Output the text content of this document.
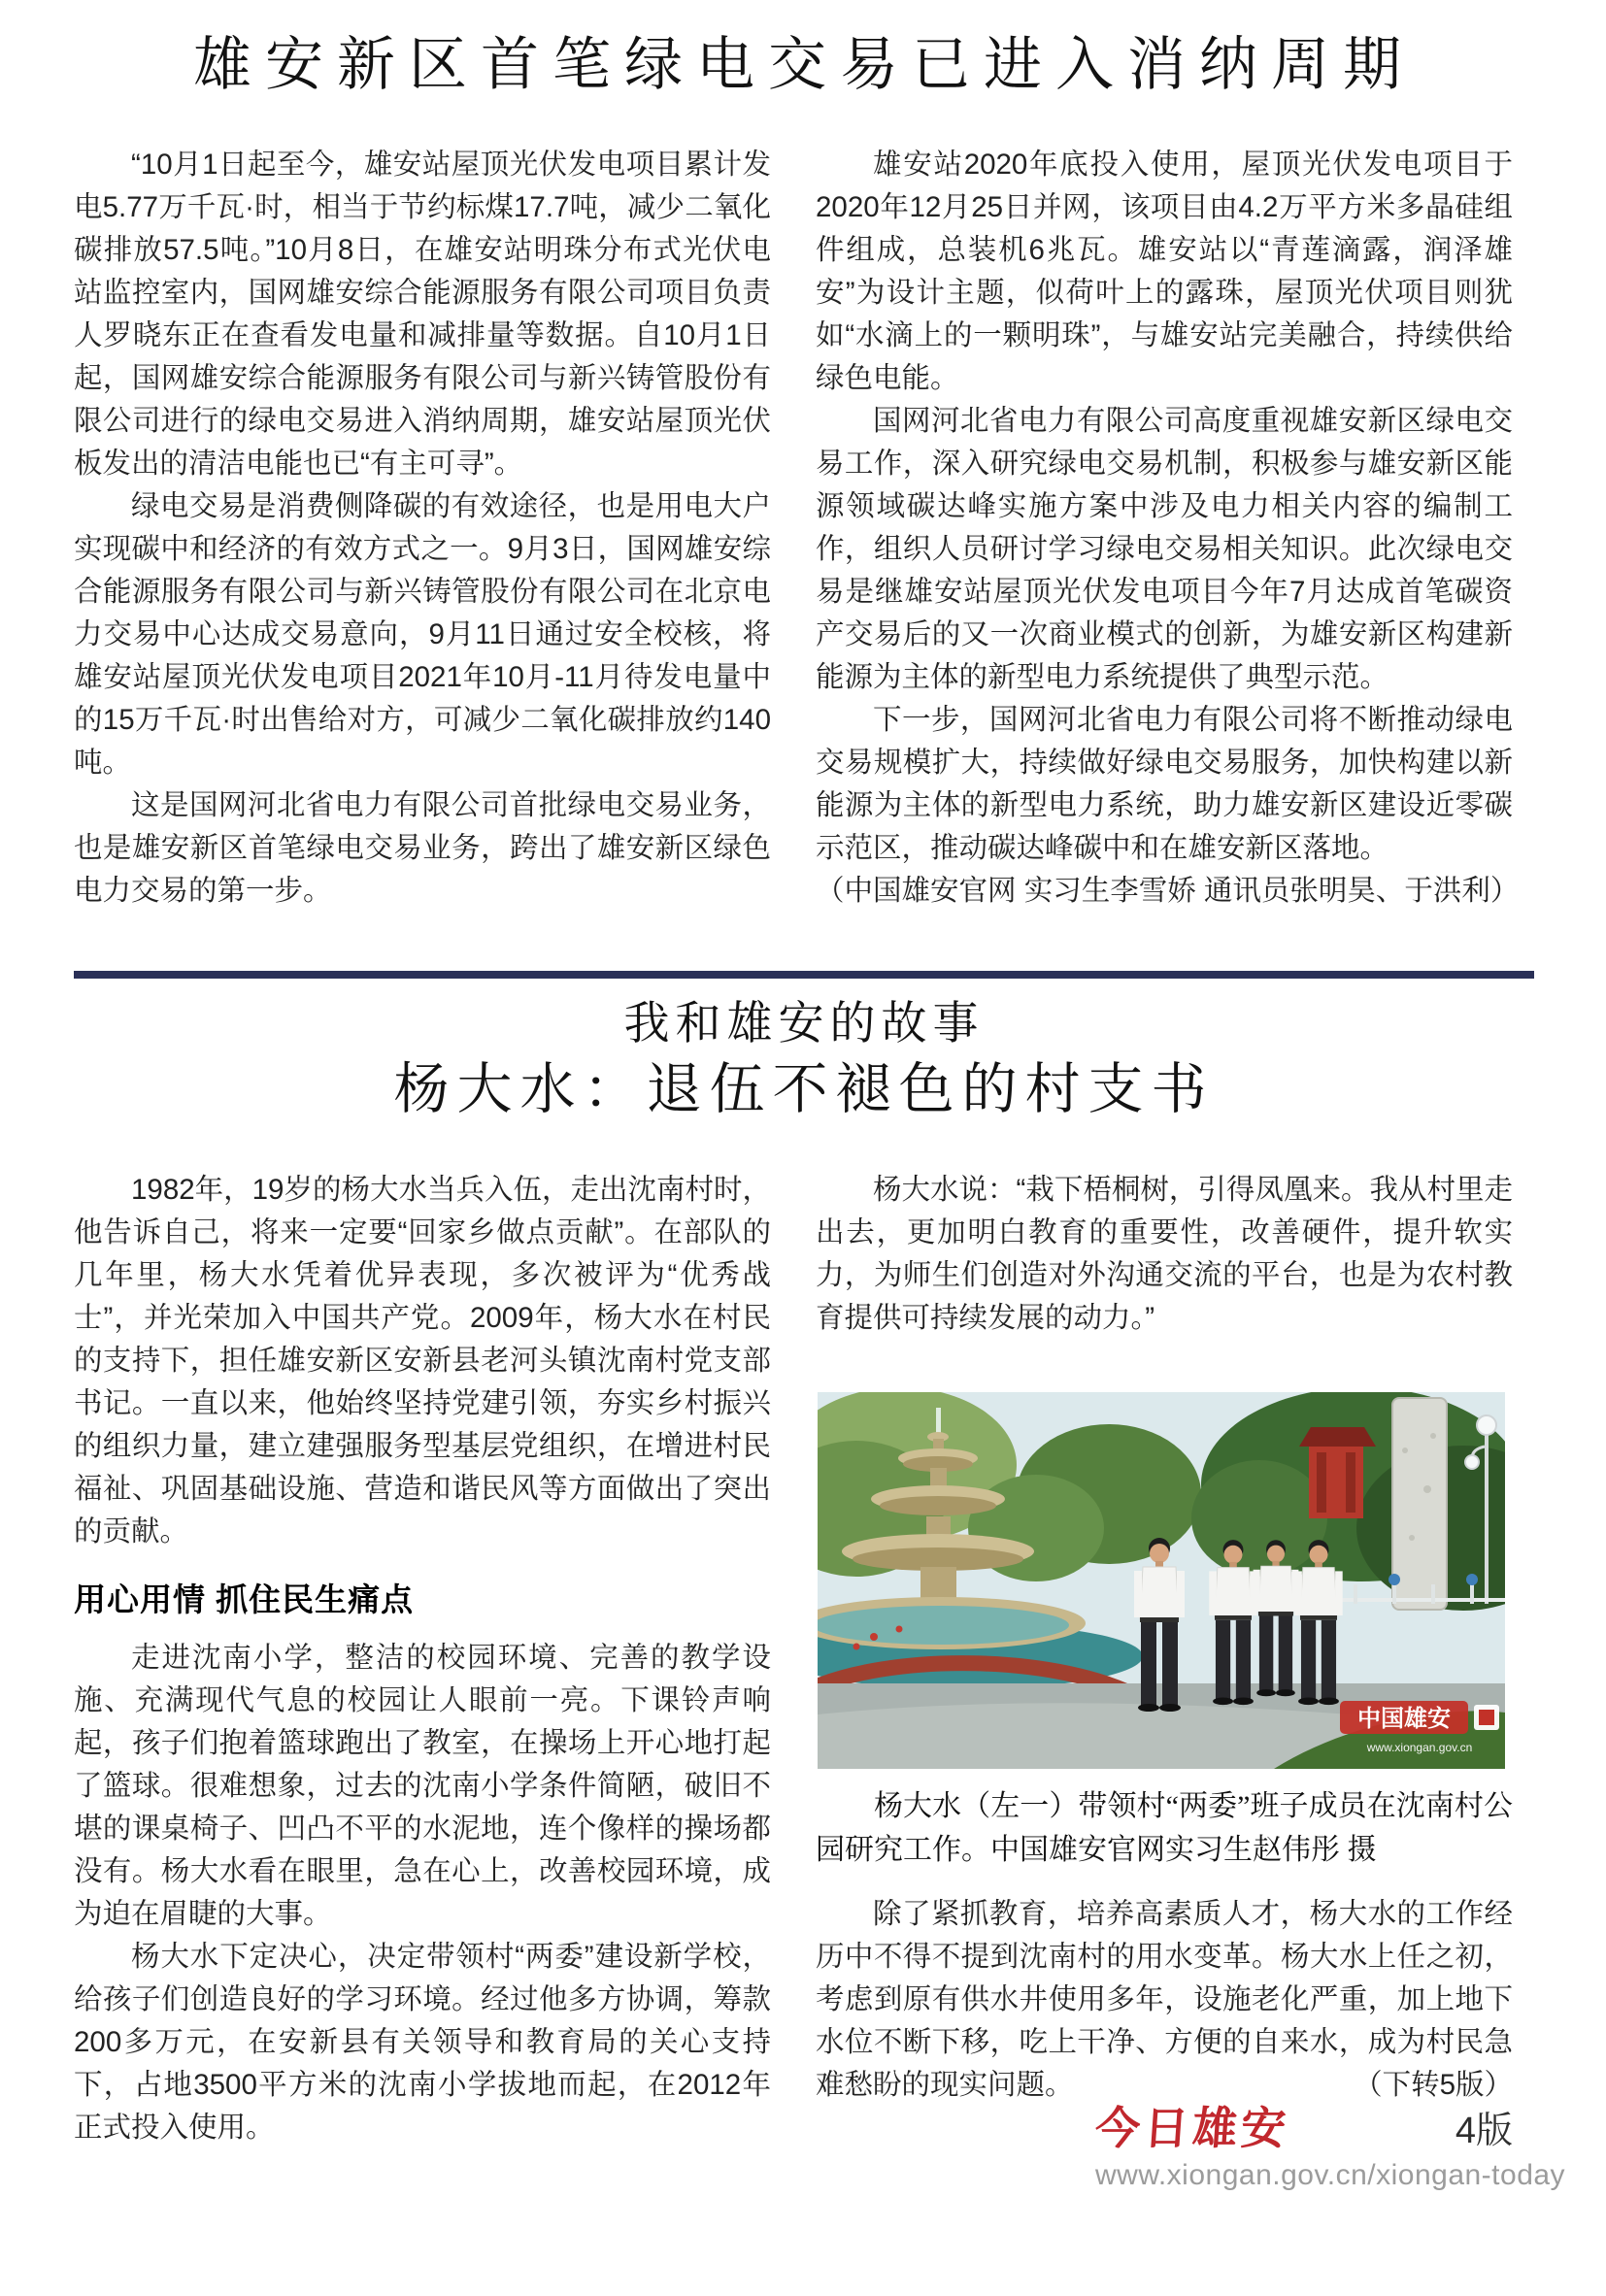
雄安新区首笔绿电交易已进入消纳周期

“10月1日起至今，雄安站屋顶光伏发电项目累计发电5.77万千瓦·时，相当于节约标煤17.7吨，减少二氧化碳排放57.5吨。”10月8日，在雄安站明珠分布式光伏电站监控室内，国网雄安综合能源服务有限公司项目负责人罗晓东正在查看发电量和减排量等数据。自10月1日起，国网雄安综合能源服务有限公司与新兴铸管股份有限公司进行的绿电交易进入消纳周期，雄安站屋顶光伏板发出的清洁电能也已“有主可寻”。

绿电交易是消费侧降碳的有效途径，也是用电大户实现碳中和经济的有效方式之一。9月3日，国网雄安综合能源服务有限公司与新兴铸管股份有限公司在北京电力交易中心达成交易意向，9月11日通过安全校核，将雄安站屋顶光伏发电项目2021年10月-11月待发电量中的15万千瓦·时出售给对方，可减少二氧化碳排放约140吨。

这是国网河北省电力有限公司首批绿电交易业务，也是雄安新区首笔绿电交易业务，跨出了雄安新区绿色电力交易的第一步。

雄安站2020年底投入使用，屋顶光伏发电项目于2020年12月25日并网，该项目由4.2万平方米多晶硅组件组成，总装机6兆瓦。雄安站以“青莲滴露，润泽雄安”为设计主题，似荷叶上的露珠，屋顶光伏项目则犹如“水滴上的一颗明珠”，与雄安站完美融合，持续供给绿色电能。

国网河北省电力有限公司高度重视雄安新区绿电交易工作，深入研究绿电交易机制，积极参与雄安新区能源领域碳达峰实施方案中涉及电力相关内容的编制工作，组织人员研讨学习绿电交易相关知识。此次绿电交易是继雄安站屋顶光伏发电项目今年7月达成首笔碳资产交易后的又一次商业模式的创新，为雄安新区构建新能源为主体的新型电力系统提供了典型示范。

下一步，国网河北省电力有限公司将不断推动绿电交易规模扩大，持续做好绿电交易服务，加快构建以新能源为主体的新型电力系统，助力雄安新区建设近零碳示范区，推动碳达峰碳中和在雄安新区落地。

（中国雄安官网 实习生李雪娇 通讯员张明昊、于洪利）

我和雄安的故事
杨大水：退伍不褪色的村支书

1982年，19岁的杨大水当兵入伍，走出沈南村时，他告诉自己，将来一定要“回家乡做点贡献”。在部队的几年里，杨大水凭着优异表现，多次被评为“优秀战士”，并光荣加入中国共产党。2009年，杨大水在村民的支持下，担任雄安新区安新县老河头镇沈南村党支部书记。一直以来，他始终坚持党建引领，夯实乡村振兴的组织力量，建立建强服务型基层党组织，在增进村民福祉、巩固基础设施、营造和谐民风等方面做出了突出的贡献。

用心用情 抓住民生痛点

走进沈南小学，整洁的校园环境、完善的教学设施、充满现代气息的校园让人眼前一亮。下课铃声响起，孩子们抱着篮球跑出了教室，在操场上开心地打起了篮球。很难想象，过去的沈南小学条件简陋，破旧不堪的课桌椅子、凹凸不平的水泥地，连个像样的操场都没有。杨大水看在眼里，急在心上，改善校园环境，成为迫在眉睫的大事。

杨大水下定决心，决定带领村“两委”建设新学校，给孩子们创造良好的学习环境。经过他多方协调，筹款200多万元，在安新县有关领导和教育局的关心支持下，占地3500平方米的沈南小学拔地而起，在2012年正式投入使用。

杨大水说：“栽下梧桐树，引得凤凰来。我从村里走出去，更加明白教育的重要性，改善硬件，提升软实力，为师生们创造对外沟通交流的平台，也是为农村教育提供可持续发展的动力。”

中国雄安
www.xiongan.gov.cn

杨大水（左一）带领村“两委”班子成员在沈南村公园研究工作。中国雄安官网实习生赵伟彤 摄

除了紧抓教育，培养高素质人才，杨大水的工作经历中不得不提到沈南村的用水变革。杨大水上任之初，考虑到原有供水井使用多年，设施老化严重，加上地下水位不断下移，吃上干净、方便的自来水，成为村民急难愁盼的现实问题。	（下转5版）

今日雄安	4版
www.xiongan.gov.cn/xiongan-today
